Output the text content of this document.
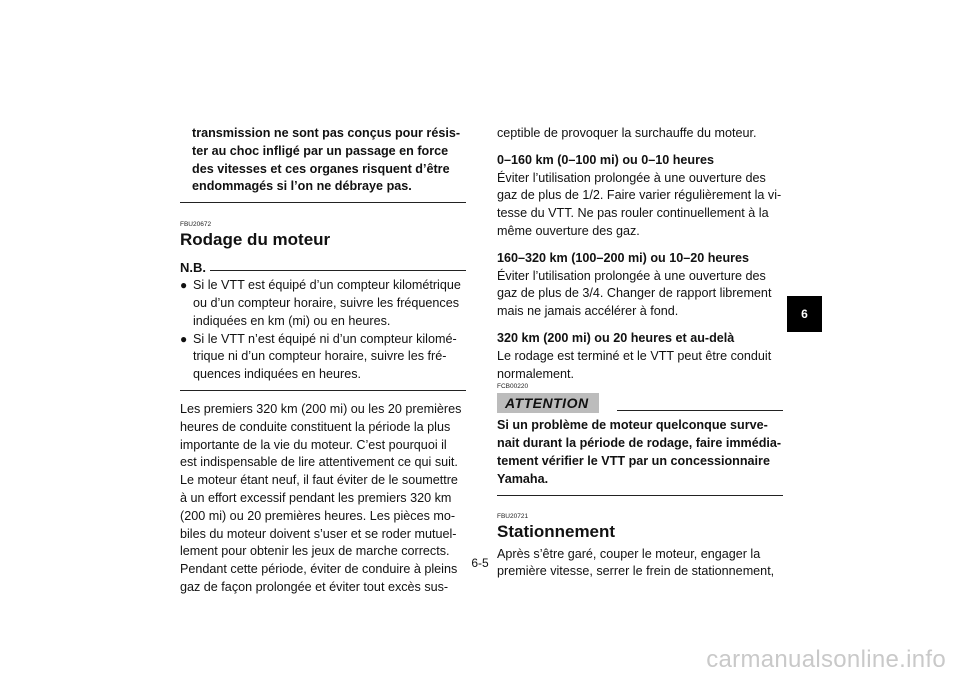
transmission ne sont pas conçus pour résis-

ter au choc infligé par un passage en force

des vitesses et ces organes risquent d’être

endommagés si l’on ne débraye pas.

FBU20672

Rodage du moteur
N.B.
● Si le VTT est équipé d’un compteur kilométrique

ou d’un compteur horaire, suivre les fréquences

indiquées en km (mi) ou en heures.

● Si le VTT n’est équipé ni d’un compteur kilomé-

trique ni d’un compteur horaire, suivre les fré-

quences indiquées en heures.

Les premiers 320 km (200 mi) ou les 20 premières

heures de conduite constituent la période la plus

importante de la vie du moteur. C’est pourquoi il

est indispensable de lire attentivement ce qui suit.

Le moteur étant neuf, il faut éviter de le soumettre

à un effort excessif pendant les premiers 320 km

(200 mi) ou 20 premières heures. Les pièces mo-

biles du moteur doivent s’user et se roder mutuel-

lement pour obtenir les jeux de marche corrects.

Pendant cette période, éviter de conduire à pleins

gaz de façon prolongée et éviter tout excès sus-

ceptible de provoquer la surchauffe du moteur.

0–160 km (0–100 mi) ou 0–10 heures

Éviter l’utilisation prolongée à une ouverture des

gaz de plus de 1/2. Faire varier régulièrement la vi-

tesse du VTT. Ne pas rouler continuellement à la

même ouverture des gaz.

160–320 km (100–200 mi) ou 10–20 heures

Éviter l’utilisation prolongée à une ouverture des

gaz de plus de 3/4. Changer de rapport librement

mais ne jamais accélérer à fond.

320 km (200 mi) ou 20 heures et au-delà

Le rodage est terminé et le VTT peut être conduit

normalement.

FCB00220

ATTENTION

Si un problème de moteur quelconque surve-

nait durant la période de rodage, faire immédia-

tement vérifier le VTT par un concessionnaire

Yamaha.

FBU20721

Stationnement

Après s’être garé, couper le moteur, engager la

première vitesse, serrer le frein de stationnement,

6
6-5
carmanualsonline.info
